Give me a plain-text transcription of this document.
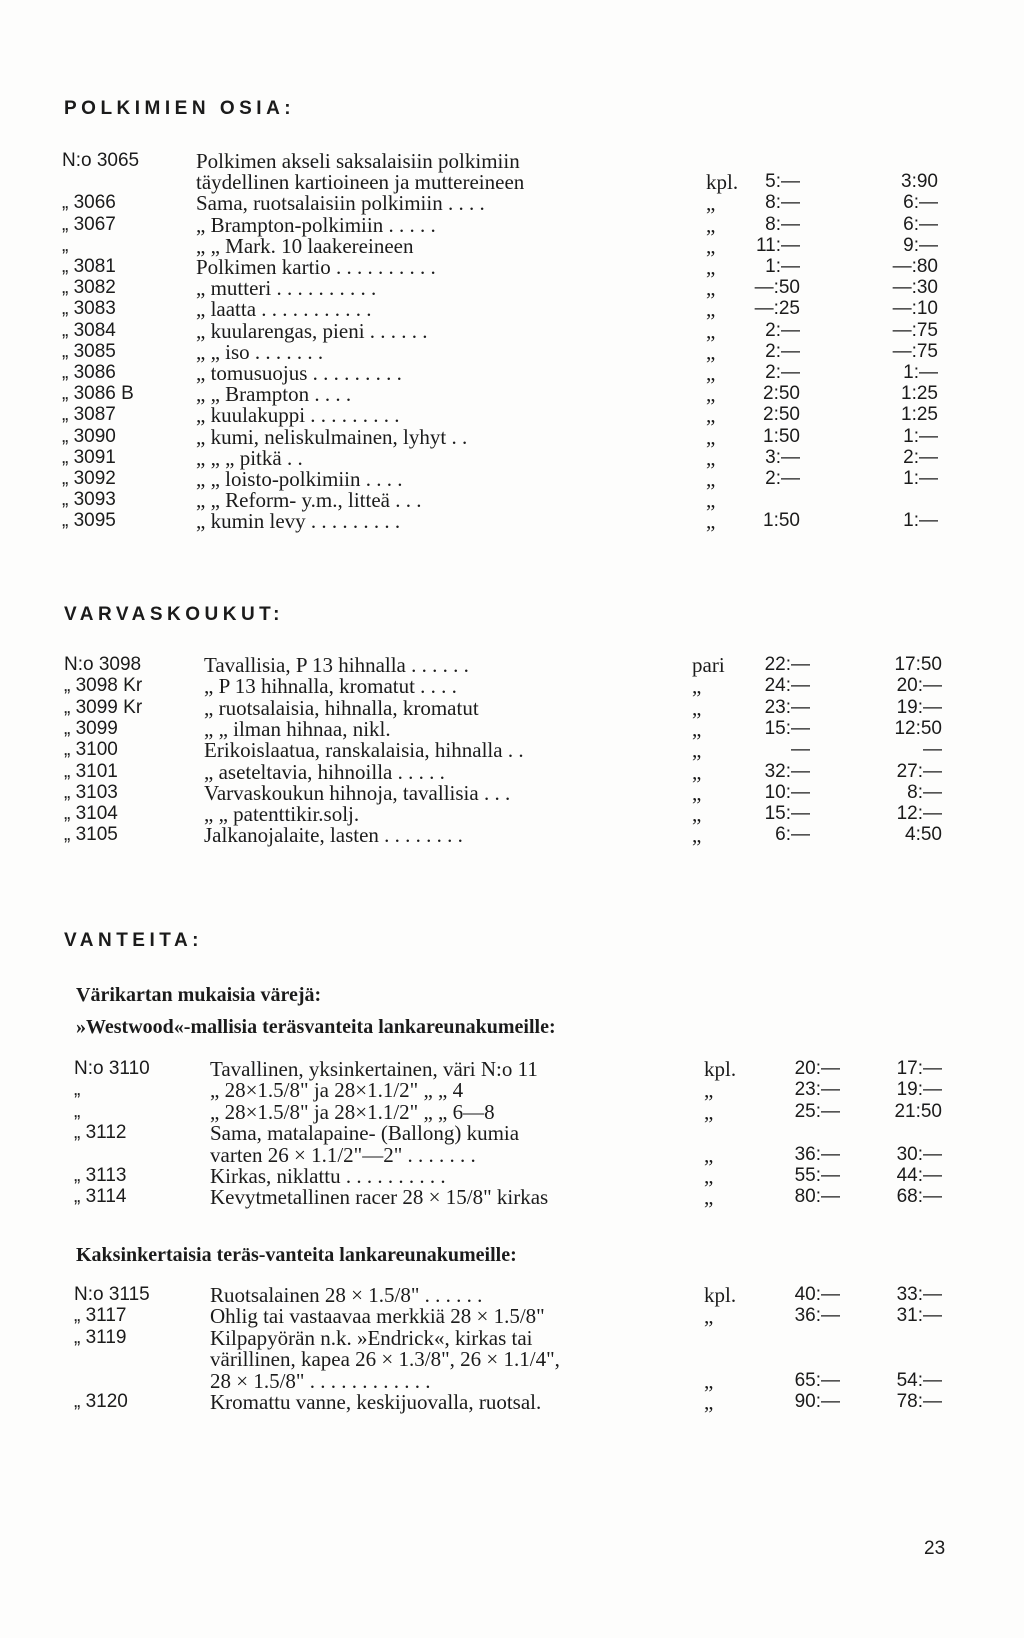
POLKIMIEN OSIA:
N:o 3065	Polkimen akseli saksalaisiin polkimiin
täydellinen kartioineen ja muttereineen	kpl.	5:—	3:90
„ 3066	Sama, ruotsalaisiin polkimiin . . . .	„	8:—	6:—
„ 3067	„ Brampton-polkimiin . . . . .	„	8:—	6:—
„	„ „ Mark. 10 laakereineen	„	11:—	9:—
„ 3081	Polkimen kartio . . . . . . . . . .	„	1:—	—:80
„ 3082	„ mutteri . . . . . . . . . .	„	—:50	—:30
„ 3083	„ laatta . . . . . . . . . . .	„	—:25	—:10
„ 3084	„ kuularengas, pieni . . . . . .	„	2:—	—:75
„ 3085	„ „ iso . . . . . . .	„	2:—	—:75
„ 3086	„ tomusuojus . . . . . . . . .	„	2:—	1:—
„ 3086 B	„ „ Brampton . . . .	„	2:50	1:25
„ 3087	„ kuulakuppi . . . . . . . . .	„	2:50	1:25
„ 3090	„ kumi, neliskulmainen, lyhyt . .	„	1:50	1:—
„ 3091	„ „ „ pitkä . .	„	3:—	2:—
„ 3092	„ „ loisto-polkimiin . . . .	„	2:—	1:—
„ 3093	„ „ Reform- y.m., litteä . . .	„
„ 3095	„ kumin levy . . . . . . . . .	„	1:50	1:—
VARVASKOUKUT:
N:o 3098	Tavallisia, P 13 hihnalla . . . . . .	pari	22:—	17:50
„ 3098 Kr	„ P 13 hihnalla, kromatut . . . .	„	24:—	20:—
„ 3099 Kr	„ ruotsalaisia, hihnalla, kromatut	„	23:—	19:—
„ 3099	„ „ ilman hihnaa, nikl.	„	15:—	12:50
„ 3100	Erikoislaatua, ranskalaisia, hihnalla . .	„	—	—
„ 3101	„ aseteltavia, hihnoilla . . . . .	„	32:—	27:—
„ 3103	Varvaskoukun hihnoja, tavallisia . . .	„	10:—	8:—
„ 3104	„ „ patenttikir.solj.	„	15:—	12:—
„ 3105	Jalkanojalaite, lasten . . . . . . . .	„	6:—	4:50
VANTEITA:
Värikartan mukaisia värejä:
»Westwood«-mallisia teräsvanteita lankareunakumeille:
N:o 3110	Tavallinen, yksinkertainen, väri N:o 11	kpl.	20:—	17:—
„	„ 28×1.5/8" ja 28×1.1/2" „ „ 4	„	23:—	19:—
„	„ 28×1.5/8" ja 28×1.1/2" „ „ 6—8	„	25:—	21:50
„ 3112	Sama, matalapaine- (Ballong) kumia
varten 26 × 1.1/2"—2" . . . . . . .	„	36:—	30:—
„ 3113	Kirkas, niklattu . . . . . . . . . .	„	55:—	44:—
„ 3114	Kevytmetallinen racer 28 × 15/8" kirkas	„	80:—	68:—
Kaksinkertaisia teräs-vanteita lankareunakumeille:
N:o 3115	Ruotsalainen 28 × 1.5/8" . . . . . .	kpl.	40:—	33:—
„ 3117	Ohlig tai vastaavaa merkkiä 28 × 1.5/8"	„	36:—	31:—
„ 3119	Kilpapyörän n.k. »Endrick«, kirkas tai
värillinen, kapea 26 × 1.3/8", 26 × 1.1/4",
28 × 1.5/8" . . . . . . . . . . . .	„	65:—	54:—
„ 3120	Kromattu vanne, keskijuovalla, ruotsal.	„	90:—	78:—
23
